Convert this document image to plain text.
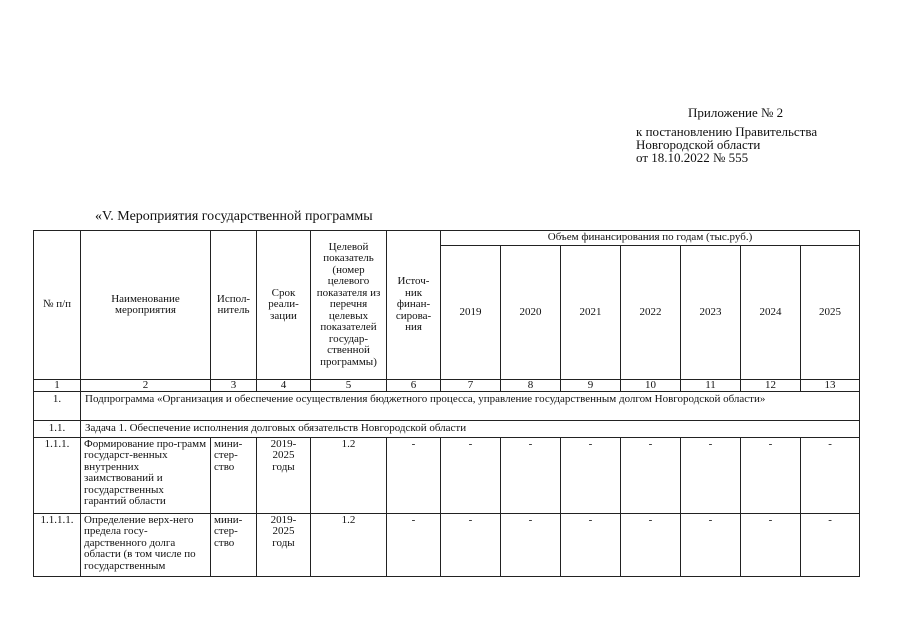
Приложение № 2
к постановлению Правительства
Новгородской области
от 18.10.2022 № 555
«V. Мероприятия государственной программы
№ п/п	Наименование мероприятия	Испол-нитель	Срок реали-зации	Целевой показатель (номер целевого показателя из перечня целевых показателей государ-ственной программы)	Источ-ник финан-сирова-ния	Объем финансирования по годам (тыс.руб.)						
						2019	2020	2021	2022	2023	2024	2025
1	2	3	4	5	6	7	8	9	10	11	12	13
1.	Подпрограмма «Организация и обеспечение осуществления бюджетного процесса, управление государственным долгом Новгородской области»											
1.1.	Задача 1. Обеспечение исполнения долговых обязательств Новгородской области											
1.1.1.	Формирование про-грамм государст-венных внутренних заимствований и государственных гарантий области	мини-стер-ство	2019-2025 годы	1.2	-	-	-	-	-	-	-	-
1.1.1.1.	Определение верх-него предела госу-дарственного долга области (в том числе по государственным	мини-стер-ство	2019-2025 годы	1.2	-	-	-	-	-	-	-	-
